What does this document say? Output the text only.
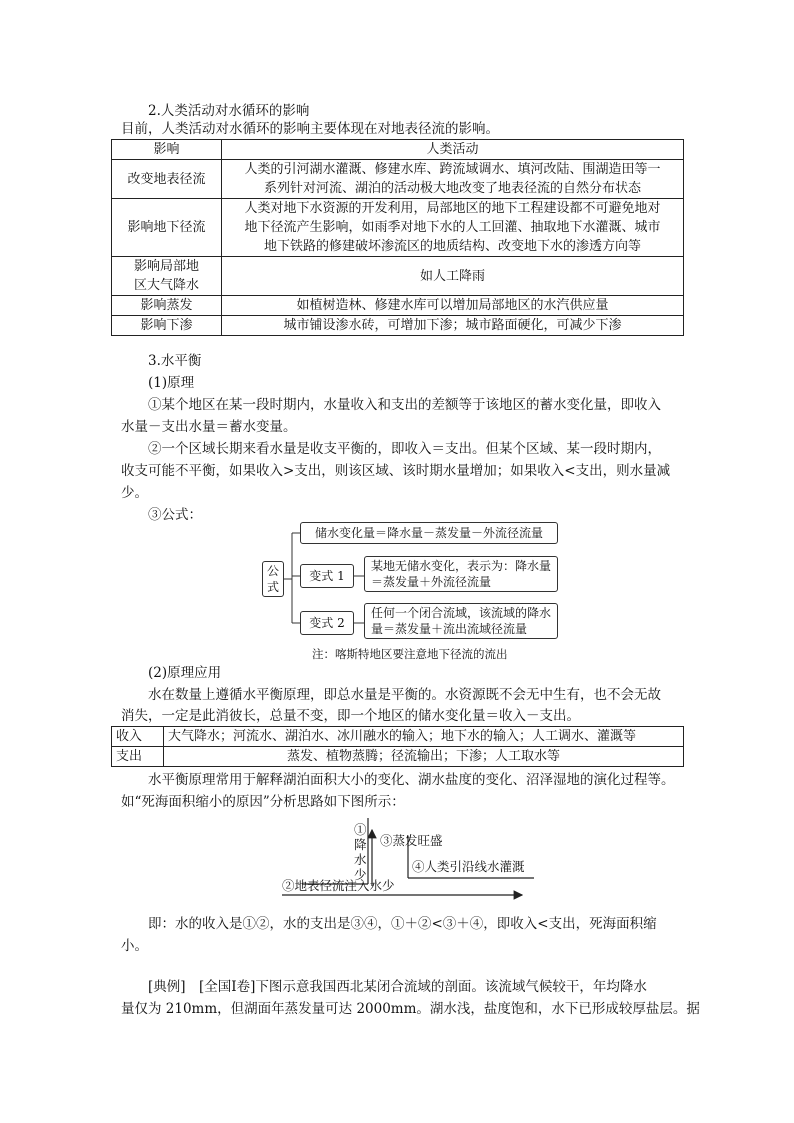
2.人类活动对水循环的影响
目前，人类活动对水循环的影响主要体现在对地表径流的影响。
影响	人类活动
改变地表径流	人类的引河湖水灌溉、修建水库、跨流域调水、填河改陆、围湖造田等一
系列针对河流、湖泊的活动极大地改变了地表径流的自然分布状态

影响地下径流	人类对地下水资源的开发利用，局部地区的地下工程建设都不可避免地对
地下径流产生影响，如雨季对地下水的人工回灌、抽取地下水灌溉、城市
地下铁路的修建破坏渗流区的地质结构、改变地下水的渗透方向等

影响局部地
区大气降水	如人工降雨
影响蒸发	如植树造林、修建水库可以增加局部地区的水汽供应量
影响下渗	城市铺设渗水砖，可增加下渗；城市路面硬化，可减少下渗
3.水平衡
(1)原理
①某个地区在某一段时期内，水量收入和支出的差额等于该地区的蓄水变化量，即收入
水量－支出水量＝蓄水变量。
②一个区域长期来看水量是收支平衡的，即收入＝支出。但某个区域、某一段时期内，
收支可能不平衡，如果收入>支出，则该区域、该时期水量增加；如果收入<支出，则水量减
少。
③公式：
公式
储水变化量＝降水量－蒸发量－外流径流量
变式 1
某地无储水变化，表示为：降水量
＝蒸发量＋外流径流量
变式 2
任何一个闭合流域，该流域的降水
量＝蒸发量＋流出流域径流量
注：喀斯特地区要注意地下径流的流出
(2)原理应用
水在数量上遵循水平衡原理，即总水量是平衡的。水资源既不会无中生有，也不会无故
消失，一定是此消彼长，总量不变，即一个地区的储水变化量＝收入－支出。
收入	大气降水；河流水、湖泊水、冰川融水的输入；地下水的输入；人工调水、灌溉等
支出	蒸发、植物蒸腾；径流输出；下渗；人工取水等
水平衡原理常用于解释湖泊面积大小的变化、湖水盐度的变化、沼泽湿地的演化过程等。
如“死海面积缩小的原因”分析思路如下图所示：
①降水少
③蒸发旺盛
④人类引沿线水灌溉
②地表径流注入水少
即：水的收入是①②，水的支出是③④，①＋②<③＋④，即收入<支出，死海面积缩
小。
[典例]　[全国Ⅰ卷]下图示意我国西北某闭合流域的剖面。该流域气候较干，年均降水
量仅为 210mm，但湖面年蒸发量可达 2000mm。湖水浅，盐度饱和，水下已形成较厚盐层。据
